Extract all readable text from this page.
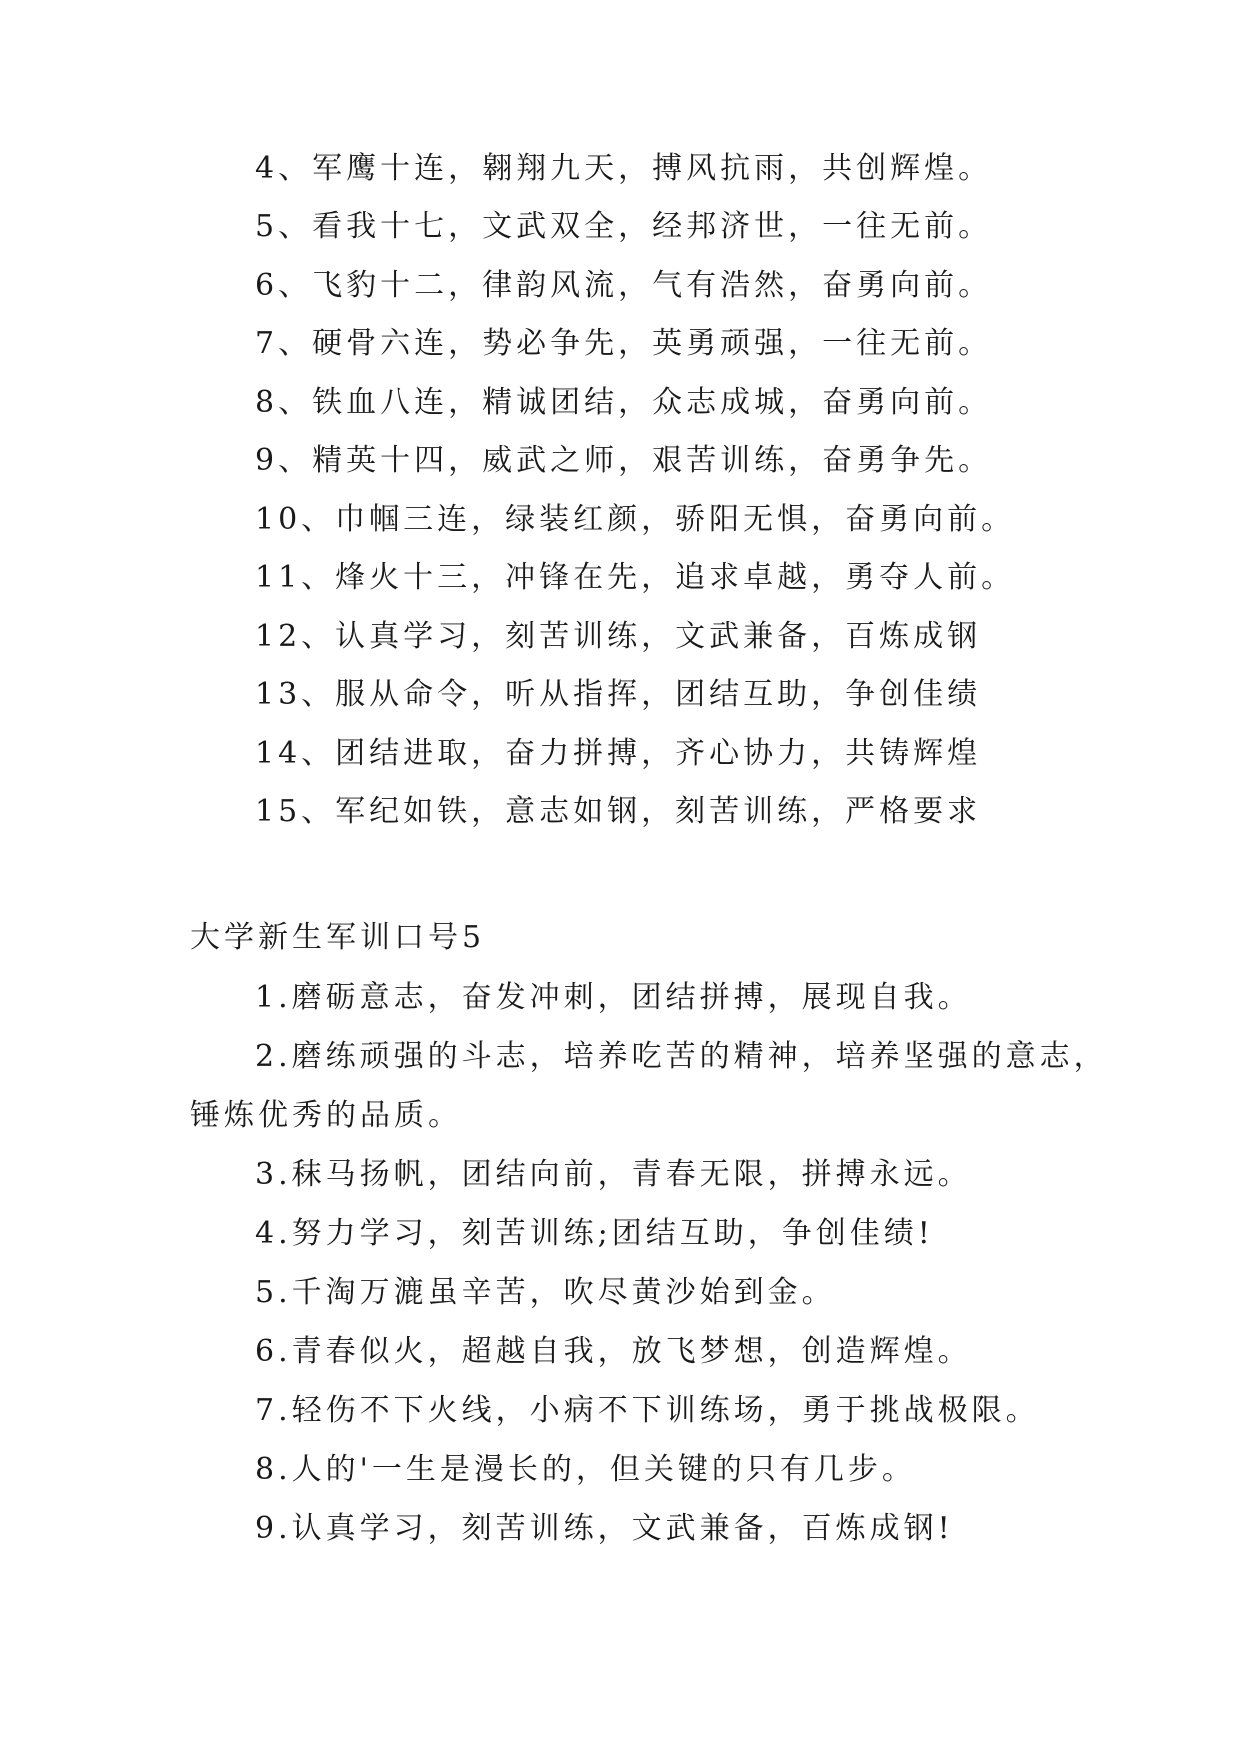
4、军鹰十连，翱翔九天，搏风抗雨，共创辉煌。
5、看我十七，文武双全，经邦济世，一往无前。
6、飞豹十二，律韵风流，气有浩然，奋勇向前。
7、硬骨六连，势必争先，英勇顽强，一往无前。
8、铁血八连，精诚团结，众志成城，奋勇向前。
9、精英十四，威武之师，艰苦训练，奋勇争先。
10、巾帼三连，绿装红颜，骄阳无惧，奋勇向前。
11、烽火十三，冲锋在先，追求卓越，勇夺人前。
12、认真学习，刻苦训练，文武兼备，百炼成钢
13、服从命令，听从指挥，团结互助，争创佳绩
14、团结进取，奋力拼搏，齐心协力，共铸辉煌
15、军纪如铁，意志如钢，刻苦训练，严格要求
大学新生军训口号5
1.磨砺意志，奋发冲刺，团结拼搏，展现自我。
2.磨练顽强的斗志，培养吃苦的精神，培养坚强的意志，
锤炼优秀的品质。
3.秣马扬帆，团结向前，青春无限，拼搏永远。
4.努力学习，刻苦训练;团结互助，争创佳绩!
5.千淘万漉虽辛苦，吹尽黄沙始到金。
6.青春似火，超越自我，放飞梦想，创造辉煌。
7.轻伤不下火线，小病不下训练场，勇于挑战极限。
8.人的'一生是漫长的，但关键的只有几步。
9.认真学习，刻苦训练，文武兼备，百炼成钢!
